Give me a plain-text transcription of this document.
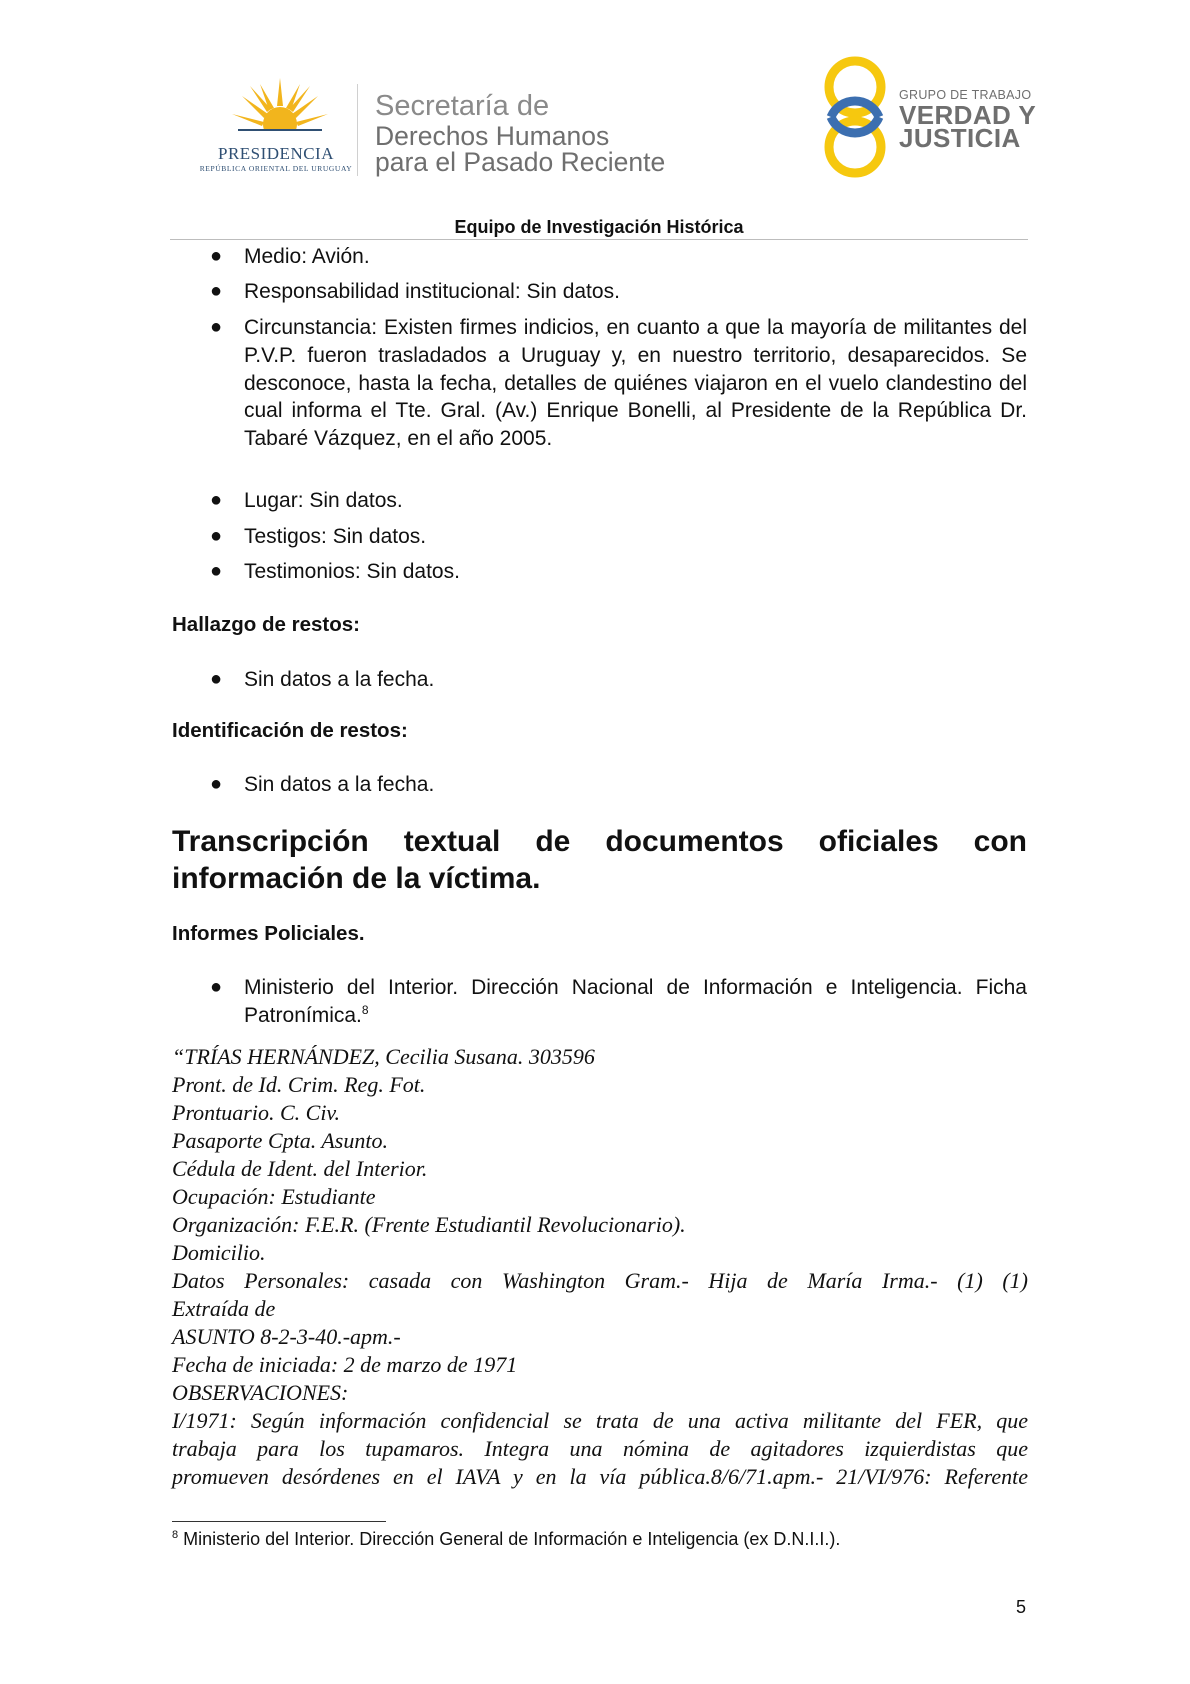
PRESIDENCIA
REPÚBLICA ORIENTAL DEL URUGUAY
Secretaría de
Derechos Humanos
para el Pasado Reciente
GRUPO DE TRABAJO
VERDAD Y
JUSTICIA
Equipo de Investigación Histórica
● Medio: Avión.
● Responsabilidad institucional: Sin datos.
● Circunstancia: Existen firmes indicios, en cuanto a que la mayoría de militantes del P.V.P. fueron trasladados a Uruguay y, en nuestro territorio, desaparecidos. Se desconoce, hasta la fecha, detalles de quiénes viajaron en el vuelo clandestino del cual informa el Tte. Gral. (Av.) Enrique Bonelli, al Presidente de la República Dr. Tabaré Vázquez, en el año 2005.
● Lugar: Sin datos.
● Testigos: Sin datos.
● Testimonios: Sin datos.
Hallazgo de restos:
● Sin datos a la fecha.
Identificación de restos:
● Sin datos a la fecha.
Transcripción textual de documentos oficiales con
información de la víctima.
Informes Policiales.
● Ministerio del Interior. Dirección Nacional de Información e Inteligencia. Ficha Patronímica.$^8$
“TRÍAS HERNÁNDEZ, Cecilia Susana. 303596
Pront. de Id. Crim. Reg. Fot.
Prontuario. C. Civ.
Pasaporte Cpta. Asunto.
Cédula de Ident. del Interior.
Ocupación: Estudiante
Organización: F.E.R. (Frente Estudiantil Revolucionario).
Domicilio.
Datos Personales: casada con Washington Gram.- Hija de María Irma.- (1) (1)
Extraída de
ASUNTO 8-2-3-40.-apm.-
Fecha de iniciada: 2 de marzo de 1971
OBSERVACIONES:
I/1971: Según información confidencial se trata de una activa militante del FER, que
trabaja para los tupamaros. Integra una nómina de agitadores izquierdistas que
promueven desórdenes en el IAVA y en la vía pública.8/6/71.apm.- 21/VI/976: Referente
$^8$ Ministerio del Interior. Dirección General de Información e Inteligencia (ex D.N.I.I.).
5
